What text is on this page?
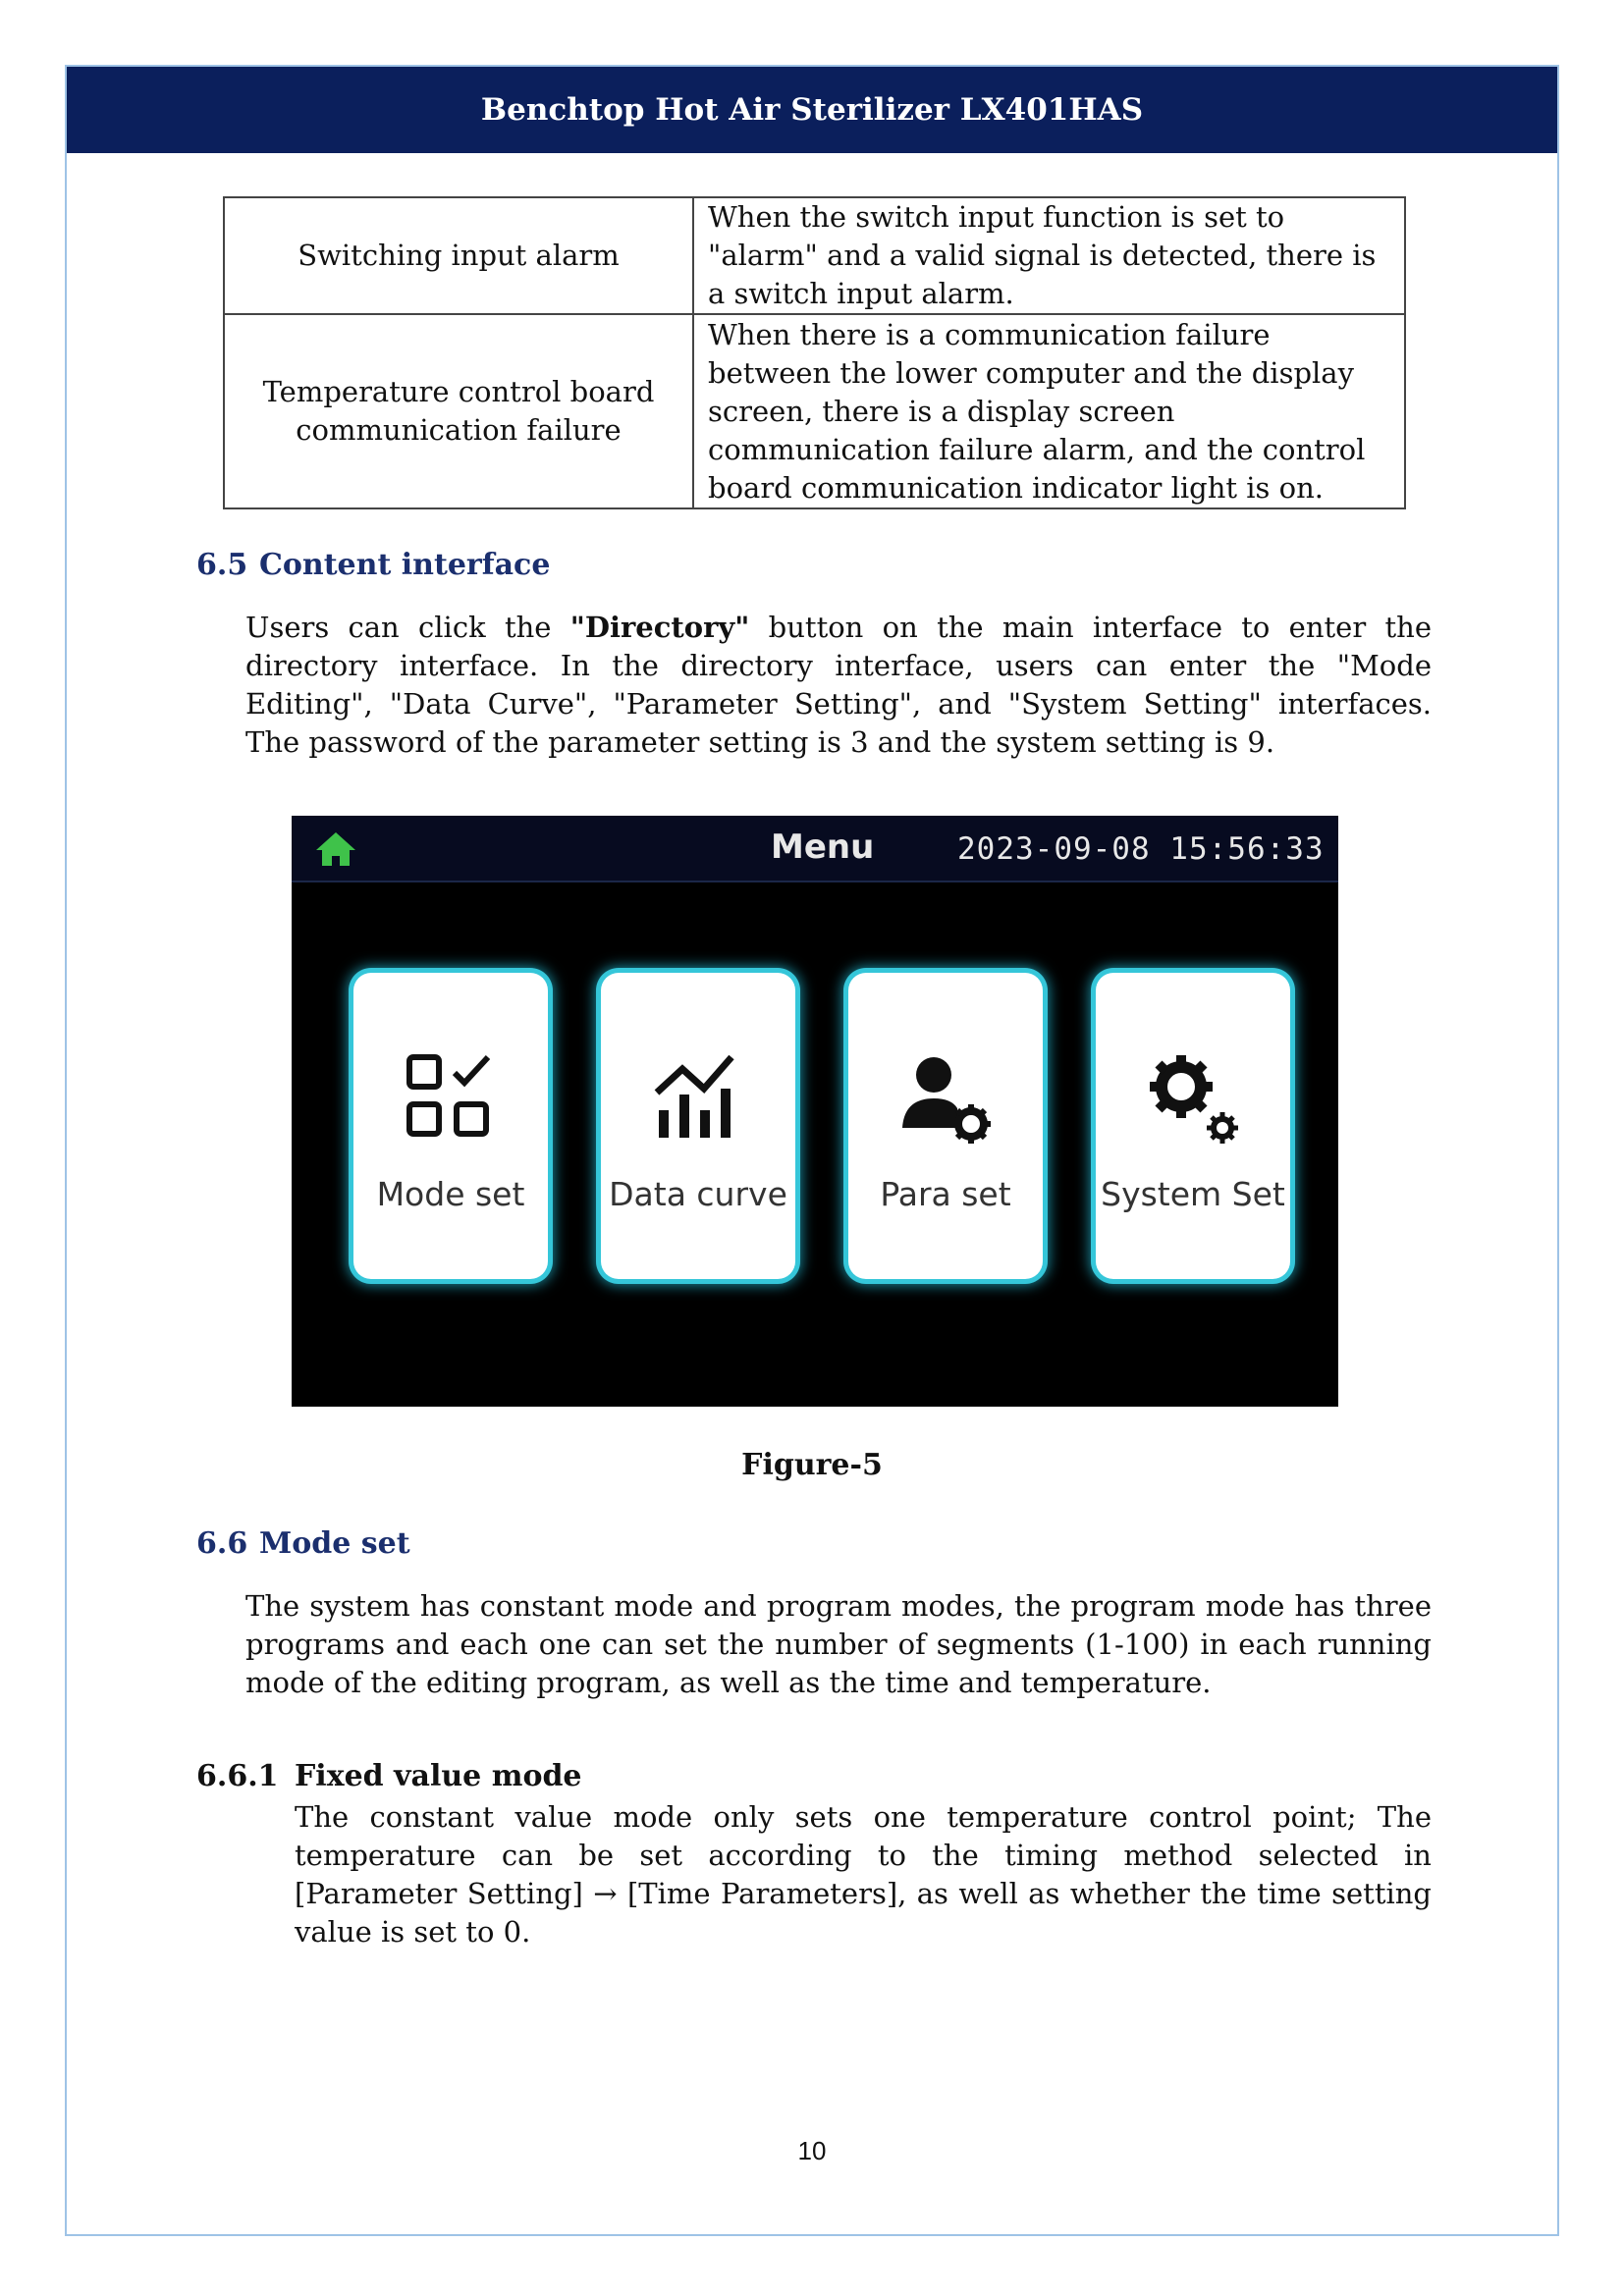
Benchtop Hot Air Sterilizer LX401HAS
Switching input alarm	When the switch input function is set to "alarm" and a valid signal is detected, there is a switch input alarm.
Temperature control board communication failure	When there is a communication failure between the lower computer and the display screen, there is a display screen communication failure alarm, and the control board communication indicator light is on.
6.5 Content interface

Users can click the "Directory" button on the main interface to enter the directory interface. In the directory interface, users can enter the "Mode Editing", "Data Curve", "Parameter Setting", and "System Setting" interfaces. The password of the parameter setting is 3 and the system setting is 9.

Menu	2023-09-08 15:56:33
Mode set	Data curve	Para set	System Set
Figure-5
6.6 Mode set

The system has constant mode and program modes, the program mode has three programs and each one can set the number of segments (1-100) in each running mode of the editing program, as well as the time and temperature.

6.6.1 Fixed value mode

The constant value mode only sets one temperature control point; The temperature can be set according to the timing method selected in [Parameter Setting] → [Time Parameters], as well as whether the time setting value is set to 0.

10
